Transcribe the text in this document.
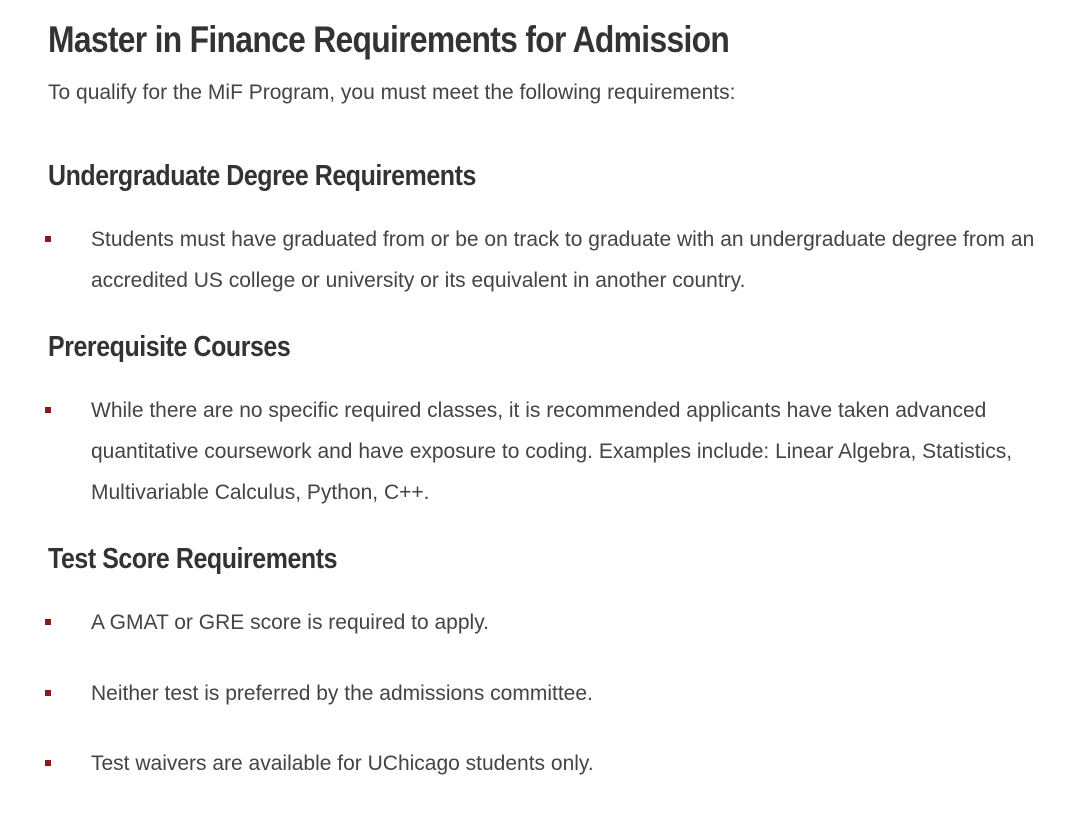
Master in Finance Requirements for Admission

To qualify for the MiF Program, you must meet the following requirements:

Undergraduate Degree Requirements
Students must have graduated from or be on track to graduate with an undergraduate degree from an accredited US college or university or its equivalent in another country.
Prerequisite Courses
While there are no specific required classes, it is recommended applicants have taken advanced quantitative coursework and have exposure to coding. Examples include: Linear Algebra, Statistics, Multivariable Calculus, Python, C++.
Test Score Requirements
A GMAT or GRE score is required to apply.
Neither test is preferred by the admissions committee.
Test waivers are available for UChicago students only.
